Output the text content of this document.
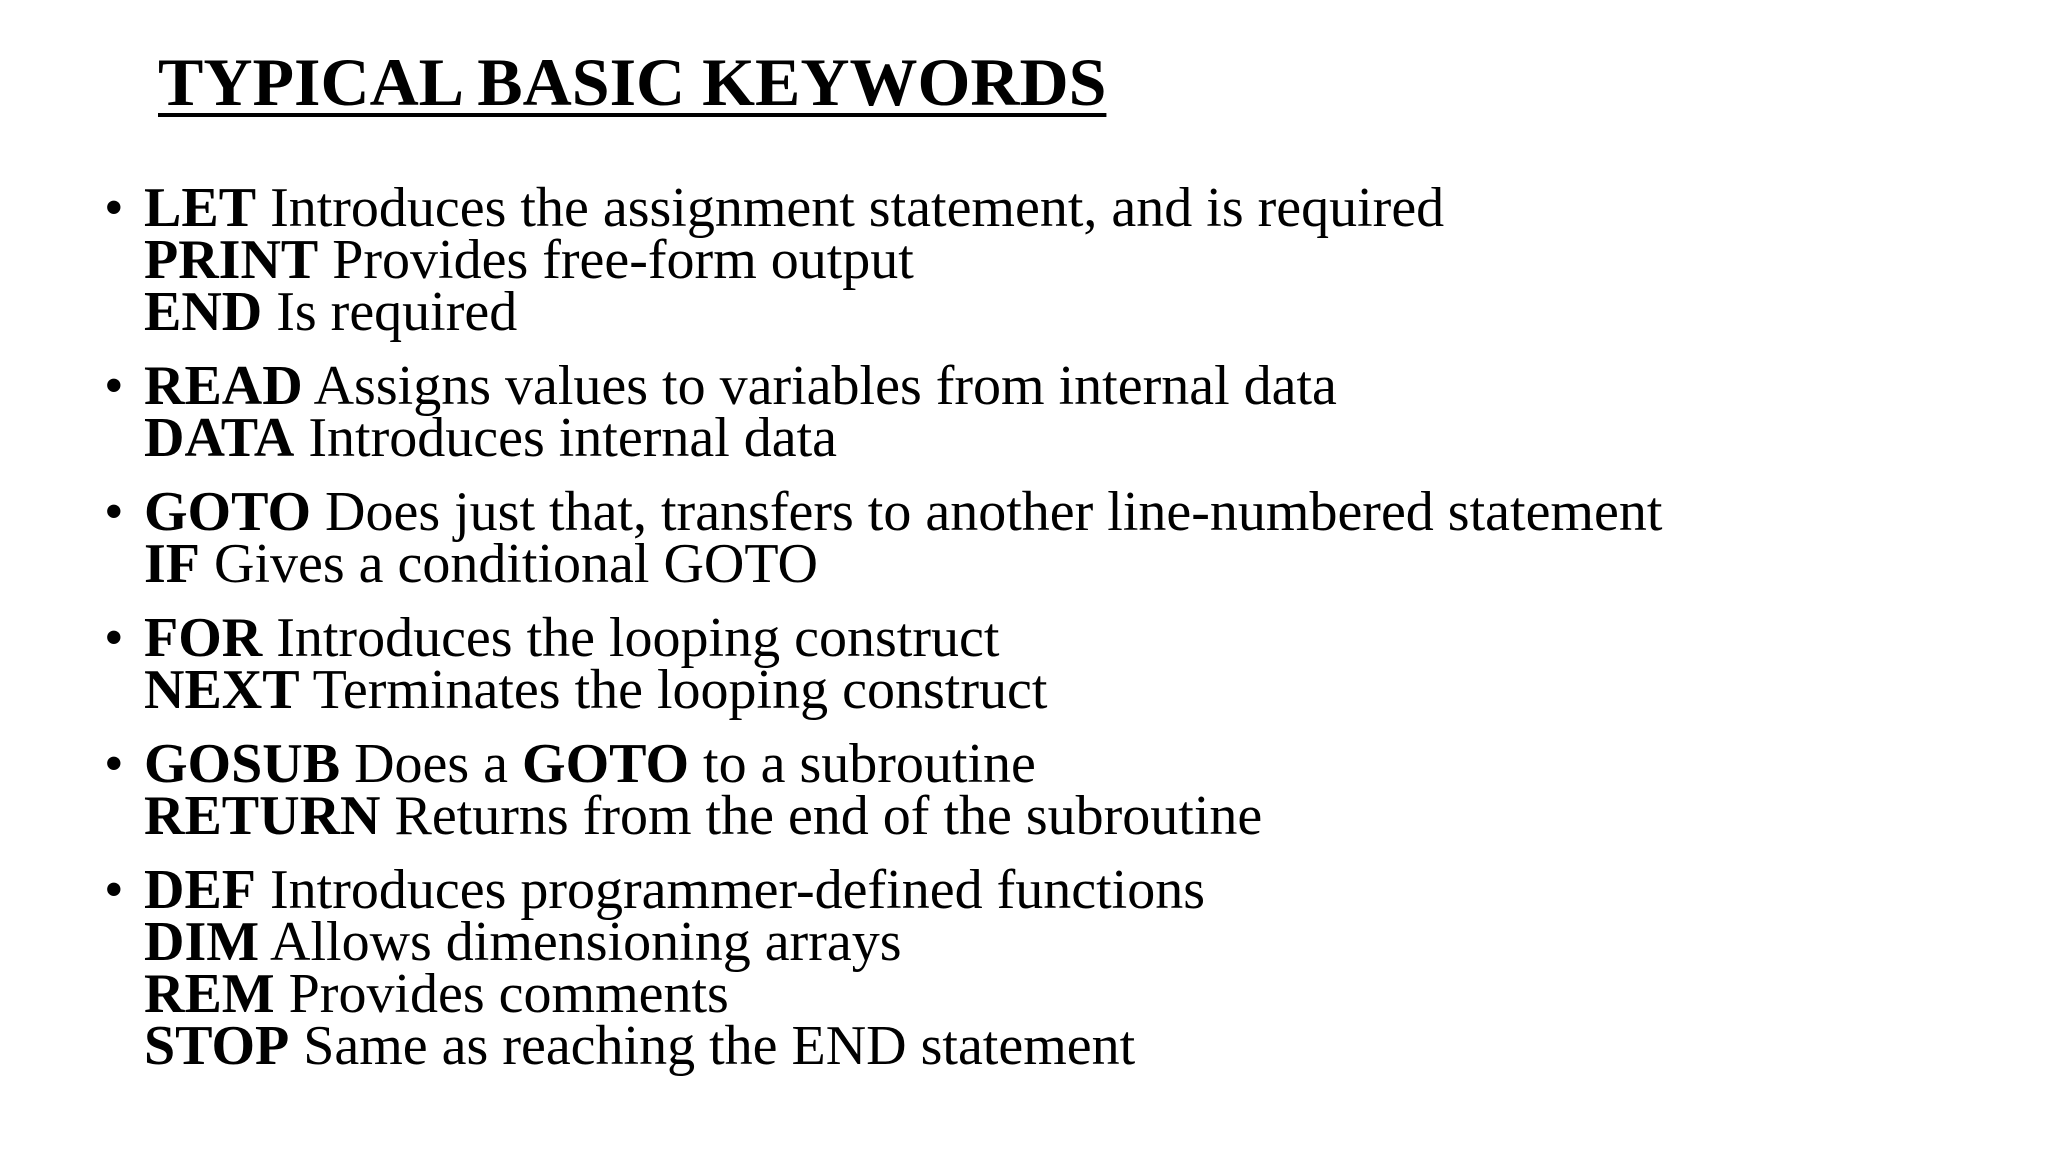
TYPICAL BASIC KEYWORDS
• LET Introduces the assignment statement, and is required
PRINT Provides free-form output
END Is required
• READ Assigns values to variables from internal data
DATA Introduces internal data
• GOTO Does just that, transfers to another line-numbered statement
IF Gives a conditional GOTO
• FOR Introduces the looping construct
NEXT Terminates the looping construct
• GOSUB Does a GOTO to a subroutine
RETURN Returns from the end of the subroutine
• DEF Introduces programmer-defined functions
DIM Allows dimensioning arrays
REM Provides comments
STOP Same as reaching the END statement
